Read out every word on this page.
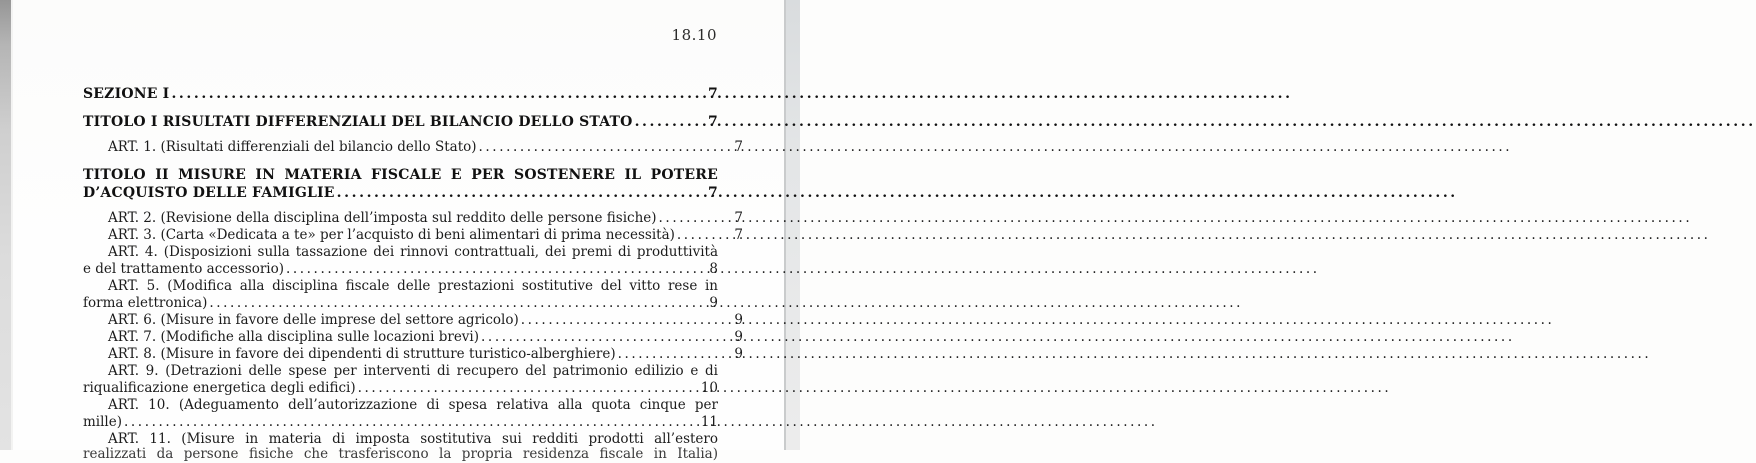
18.10
SEZIONE I .....	7
TITOLO I RISULTATI DIFFERENZIALI DEL BILANCIO DELLO STATO .....	7
ART. 1. (Risultati differenziali del bilancio dello Stato) .....	7
TITOLO II MISURE IN MATERIA FISCALE E PER SOSTENERE IL POTERE
D’ACQUISTO DELLE FAMIGLIE .....	7
ART. 2. (Revisione della disciplina dell’imposta sul reddito delle persone fisiche) .....	7
ART. 3. (Carta «Dedicata a te» per l’acquisto di beni alimentari di prima necessità) .....	7
ART. 4. (Disposizioni sulla tassazione dei rinnovi contrattuali, dei premi di produttività
e del trattamento accessorio) .....	8
ART. 5. (Modifica alla disciplina fiscale delle prestazioni sostitutive del vitto rese in
forma elettronica) .....	9
ART. 6. (Misure in favore delle imprese del settore agricolo) .....	9
ART. 7. (Modifiche alla disciplina sulle locazioni brevi) .....	9
ART. 8. (Misure in favore dei dipendenti di strutture turistico-alberghiere) .....	9
ART. 9. (Detrazioni delle spese per interventi di recupero del patrimonio edilizio e di
riqualificazione energetica degli edifici) .....	10
ART. 10. (Adeguamento dell’autorizzazione di spesa relativa alla quota cinque per
mille) .....	11
ART. 11. (Misure in materia di imposta sostitutiva sui redditi prodotti all’estero
realizzati da persone fisiche che trasferiscono la propria residenza fiscale in Italia)
